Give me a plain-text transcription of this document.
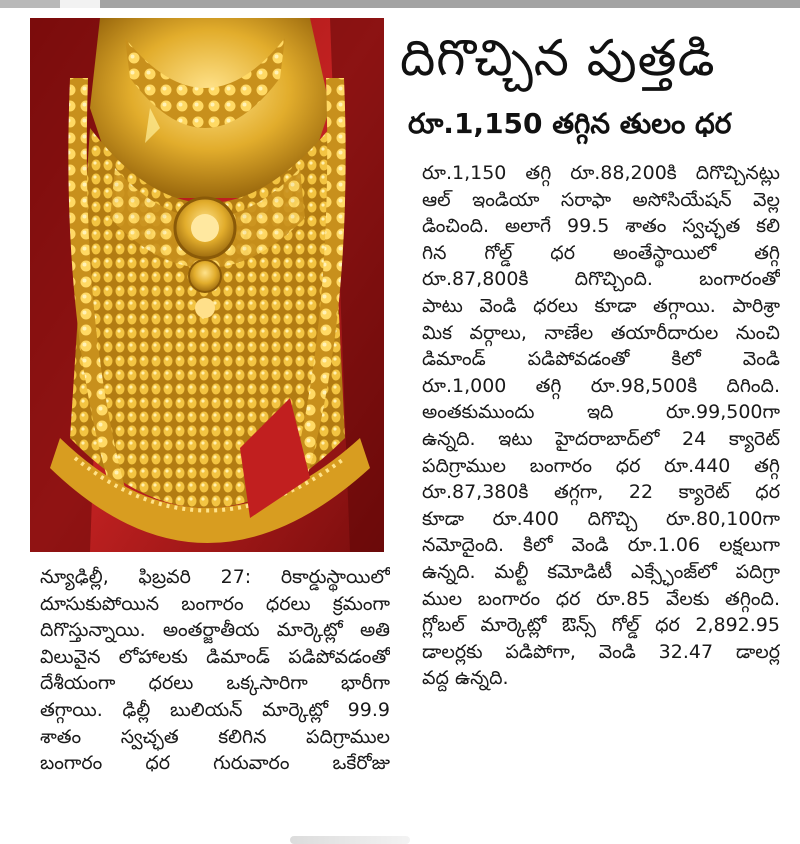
దిగొచ్చిన పుత్తడి
రూ.1,150 తగ్గిన తులం ధర
రూ.1,150 తగ్గి రూ.88,200కి దిగొచ్చినట్లు
ఆల్ ఇండియా సరాఫా అసోసియేషన్ వెల్ల
డించింది. అలాగే 99.5 శాతం స్వచ్ఛత కలి
గిన గోల్డ్ ధర అంతేస్థాయిలో తగ్గి
రూ.87,800కి దిగొచ్చింది. బంగారంతో
పాటు వెండి ధరలు కూడా తగ్గాయి. పారిశ్రా
మిక వర్గాలు, నాణేల తయారీదారుల నుంచి
డిమాండ్ పడిపోవడంతో కిలో వెండి
రూ.1,000 తగ్గి రూ.98,500కి దిగింది.
అంతకుముందు ఇది రూ.99,500గా
ఉన్నది. ఇటు హైదరాబాద్‌లో 24 క్యారెట్
పదిగ్రాముల బంగారం ధర రూ.440 తగ్గి
రూ.87,380కి తగ్గగా, 22 క్యారెట్ ధర
కూడా రూ.400 దిగొచ్చి రూ.80,100గా
నమోదైంది. కిలో వెండి రూ.1.06 లక్షలుగా
ఉన్నది. మల్టీ కమోడిటీ ఎక్స్ఛేంజ్‌లో పదిగ్రా
ముల బంగారం ధర రూ.85 వేలకు తగ్గింది.
గ్లోబల్ మార్కెట్లో ఔన్స్ గోల్డ్ ధర 2,892.95
డాలర్లకు పడిపోగా, వెండి 32.47 డాలర్ల
వద్ద ఉన్నది.
న్యూఢిల్లీ, ఫిబ్రవరి 27: రికార్డుస్థాయిలో
దూసుకుపోయిన బంగారం ధరలు క్రమంగా
దిగొస్తున్నాయి. అంతర్జాతీయ మార్కెట్లో అతి
విలువైన లోహాలకు డిమాండ్ పడిపోవడంతో
దేశీయంగా ధరలు ఒక్కసారిగా భారీగా
తగ్గాయి. ఢిల్లీ బులియన్ మార్కెట్లో 99.9
శాతం స్వచ్ఛత కలిగిన పదిగ్రాముల
బంగారం ధర గురువారం ఒకేరోజు
